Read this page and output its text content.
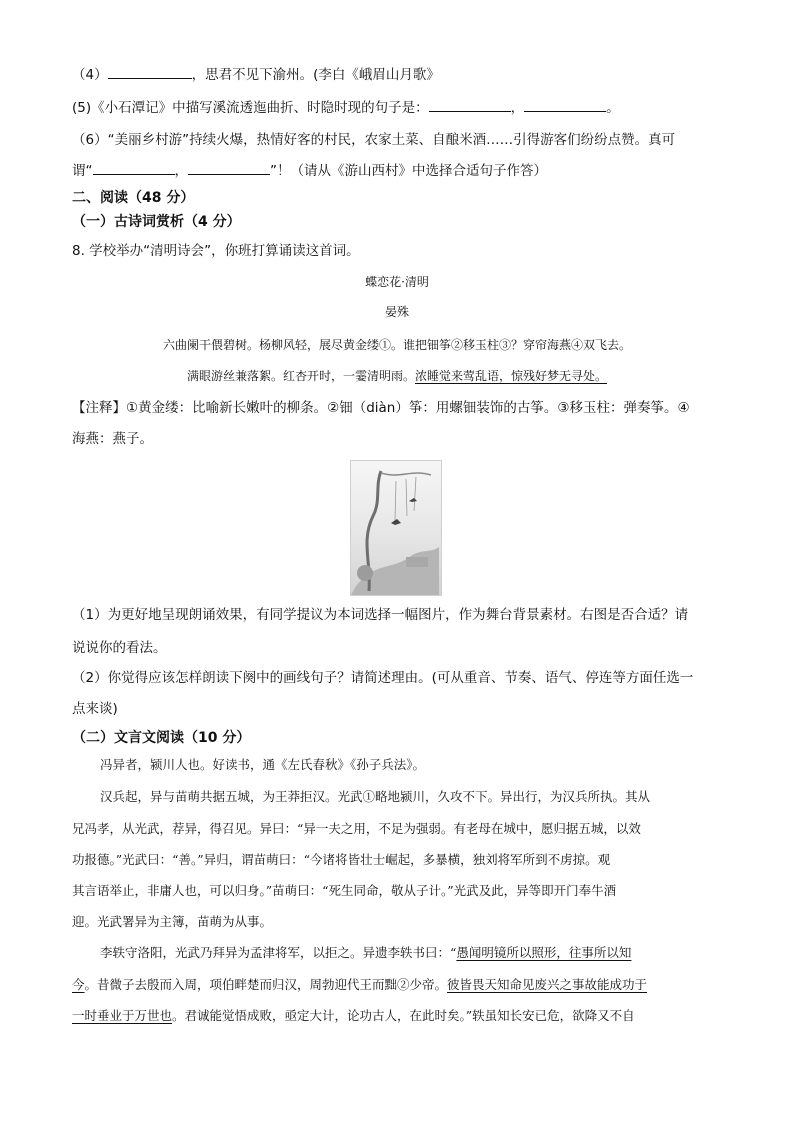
（4）	，思君不见下渝州。(李白《峨眉山月歌》
(5)《小石潭记》中描写溪流透迤曲折、时隐时现的句子是：	，	。
（6）“美丽乡村游”持续火爆，热情好客的村民，农家土菜、自酿米酒……引得游客们纷纷点赞。真可
谓“	，	”！（请从《游山西村》中选择合适句子作答）
二、阅读（48 分）
（一）古诗词赏析（4 分）
8. 学校举办“清明诗会”，你班打算诵读这首词。
蝶恋花·清明
晏殊
六曲阑干偎碧树。杨柳风轻，展尽黄金缕①。谁把钿筝②移玉柱③？穿帘海燕④双飞去。
满眼游丝兼落絮。红杏开时，一霎清明雨。浓睡觉来莺乱语，惊残好梦无寻处。
【注释】①黄金缕：比喻新长嫩叶的柳条。②钿（diàn）筝：用螺钿装饰的古筝。③移玉柱：弹奏筝。④
海燕：燕子。
（1）为更好地呈现朗诵效果，有同学提议为本词选择一幅图片，作为舞台背景素材。右图是否合适？请
说说你的看法。
（2）你觉得应该怎样朗读下阕中的画线句子？请简述理由。(可从重音、节奏、语气、停连等方面任选一
点来谈)
（二）文言文阅读（10 分）
冯异者，颍川人也。好读书，通《左氏春秋》《孙子兵法》。
汉兵起，异与苗萌共据五城，为王莽拒汉。光武①略地颍川，久攻不下。异出行，为汉兵所执。其从
兄冯孝，从光武，荐异，得召见。异曰：“异一夫之用，不足为强弱。有老母在城中，愿归据五城，以效
功报德。”光武曰：“善。”异归，谓苗萌曰：“今诸将皆壮士崛起，多暴横，独刘将军所到不虏掠。观
其言语举止，非庸人也，可以归身。”苗萌曰：“死生同命，敬从子计。”光武及此，异等即开门奉牛酒
迎。光武署异为主簿，苗萌为从事。
李轶守洛阳，光武乃拜异为孟津将军，以拒之。异遗李轶书曰：“愚闻明镜所以照形，往事所以知
今。昔微子去殷而入周，项伯畔楚而归汉，周勃迎代王而黜②少帝。彼皆畏天知命见废兴之事故能成功于
一时垂业于万世也。君诚能觉悟成败，亟定大计，论功古人，在此时矣。”轶虽知长安已危，欲降又不自
